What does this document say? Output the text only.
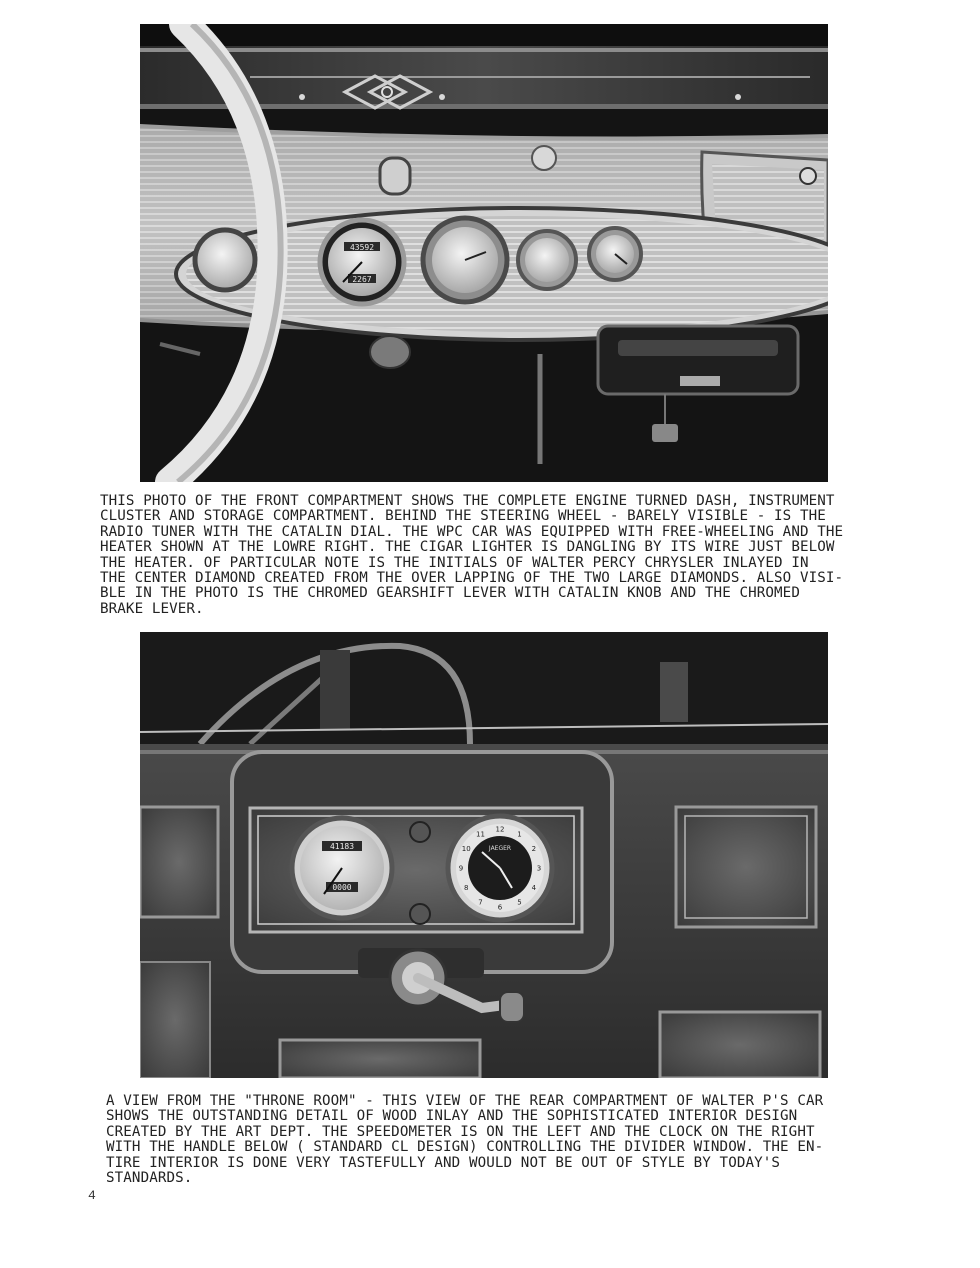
43592
2267
THIS PHOTO OF THE FRONT COMPARTMENT SHOWS THE COMPLETE ENGINE TURNED DASH, INSTRUMENT
CLUSTER AND STORAGE COMPARTMENT. BEHIND THE STEERING WHEEL - BARELY VISIBLE - IS THE
RADIO TUNER WITH THE CATALIN DIAL. THE WPC CAR WAS EQUIPPED WITH FREE-WHEELING AND THE
HEATER SHOWN AT THE LOWRE RIGHT. THE CIGAR LIGHTER IS DANGLING BY ITS WIRE JUST BELOW
THE HEATER. OF PARTICULAR NOTE IS THE INITIALS OF WALTER PERCY CHRYSLER INLAYED IN
THE CENTER DIAMOND CREATED FROM THE OVER LAPPING OF THE TWO LARGE DIAMONDS. ALSO VISI-
BLE IN THE PHOTO IS THE CHROMED GEARSHIFT LEVER WITH CATALIN KNOB AND THE CHROMED
BRAKE LEVER.
41183
0000
JAEGER
12
1
2
3
4
5
6
7
8
9
10
11
A VIEW FROM THE "THRONE ROOM" - THIS VIEW OF THE REAR COMPARTMENT OF WALTER P'S CAR
SHOWS THE OUTSTANDING DETAIL OF WOOD INLAY AND THE SOPHISTICATED INTERIOR DESIGN
CREATED BY THE ART DEPT. THE SPEEDOMETER IS ON THE LEFT AND THE CLOCK ON THE RIGHT
WITH THE HANDLE BELOW ( STANDARD CL DESIGN) CONTROLLING THE DIVIDER WINDOW. THE EN-
TIRE INTERIOR IS DONE VERY TASTEFULLY AND WOULD NOT BE OUT OF STYLE BY TODAY'S
STANDARDS.
4
